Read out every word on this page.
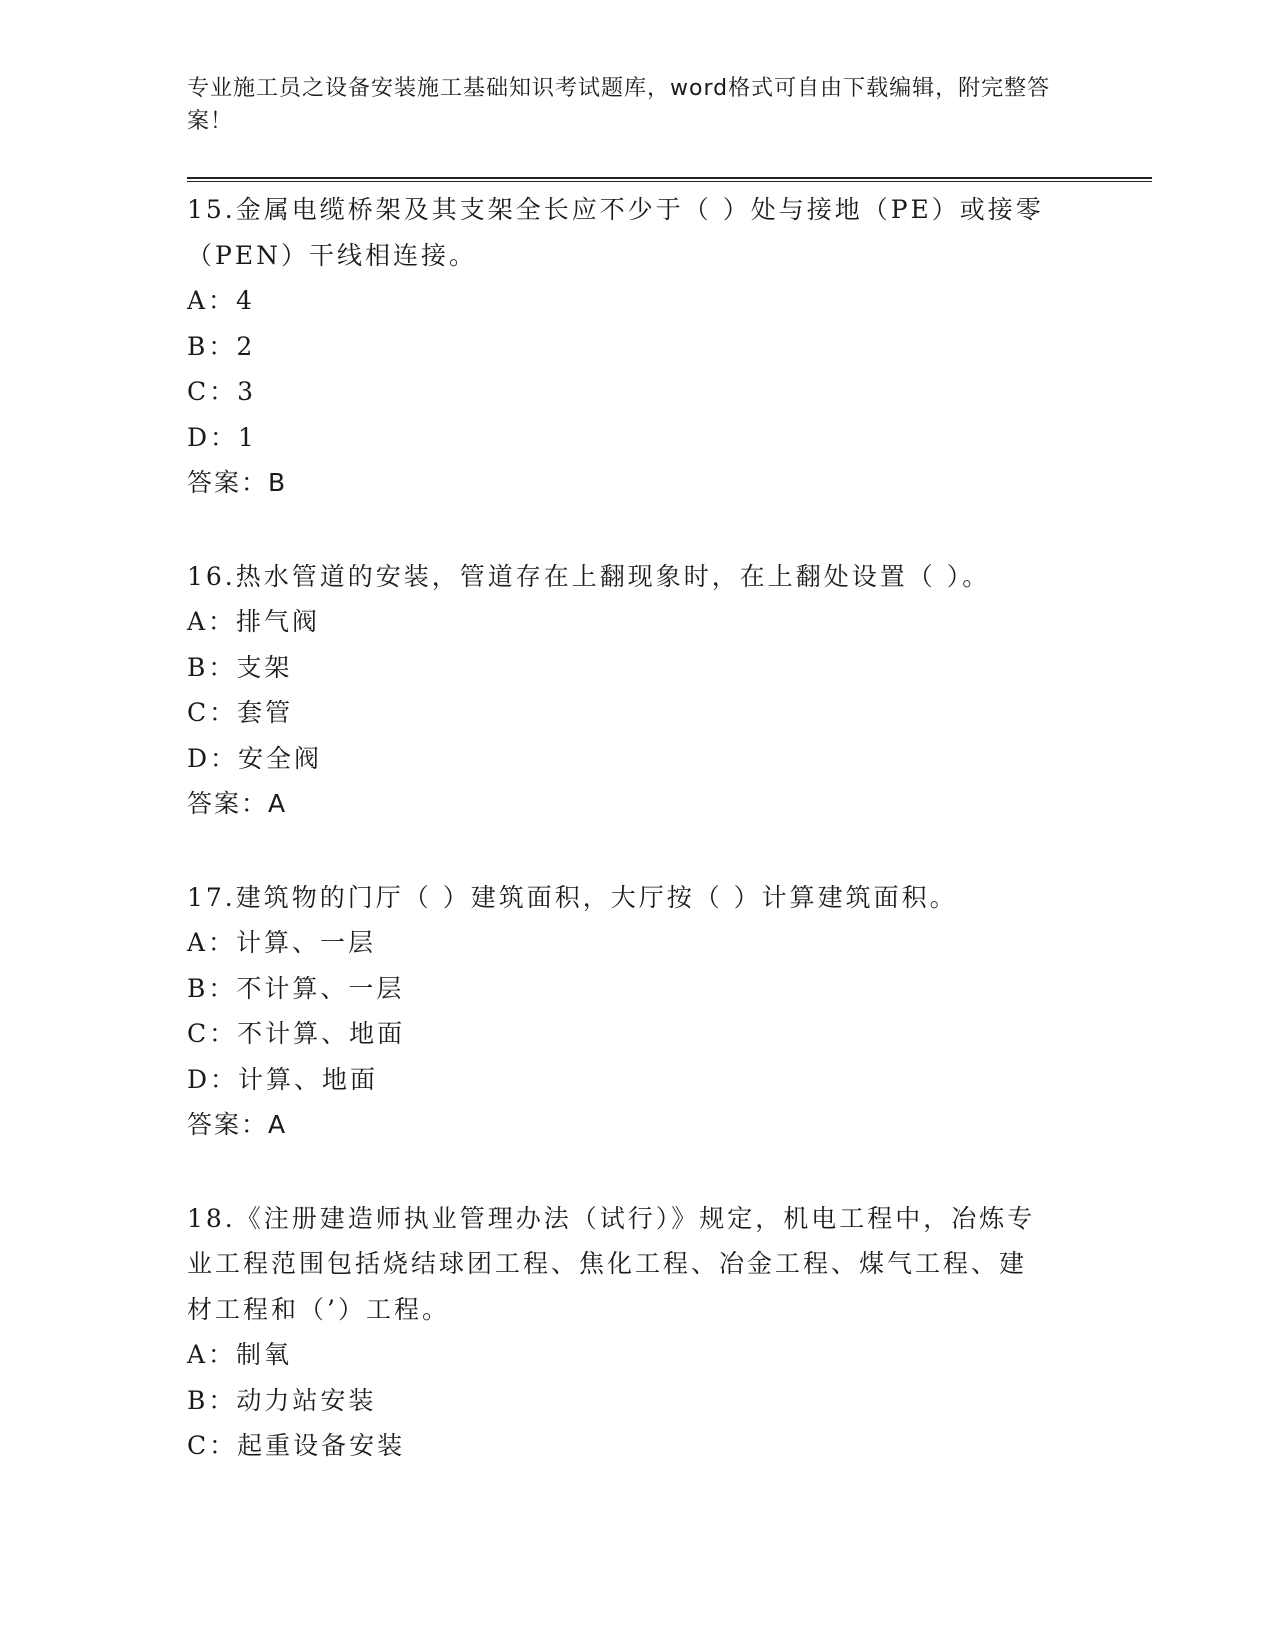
专业施工员之设备安装施工基础知识考试题库，word格式可自由下载编辑，附完整答案！
15.金属电缆桥架及其支架全长应不少于（ ）处与接地（PE）或接零
（PEN）干线相连接。
A：4
B：2
C：3
D：1
答案：B
16.热水管道的安装，管道存在上翻现象时，在上翻处设置（ ）。
A：排气阀
B：支架
C：套管
D：安全阀
答案：A
17.建筑物的门厅（ ）建筑面积，大厅按（ ）计算建筑面积。
A：计算、一层
B：不计算、一层
C：不计算、地面
D：计算、地面
答案：A
18.《注册建造师执业管理办法（试行）》规定，机电工程中，冶炼专
业工程范围包括烧结球团工程、焦化工程、冶金工程、煤气工程、建
材工程和（’）工程。
A：制氧
B：动力站安装
C：起重设备安装
